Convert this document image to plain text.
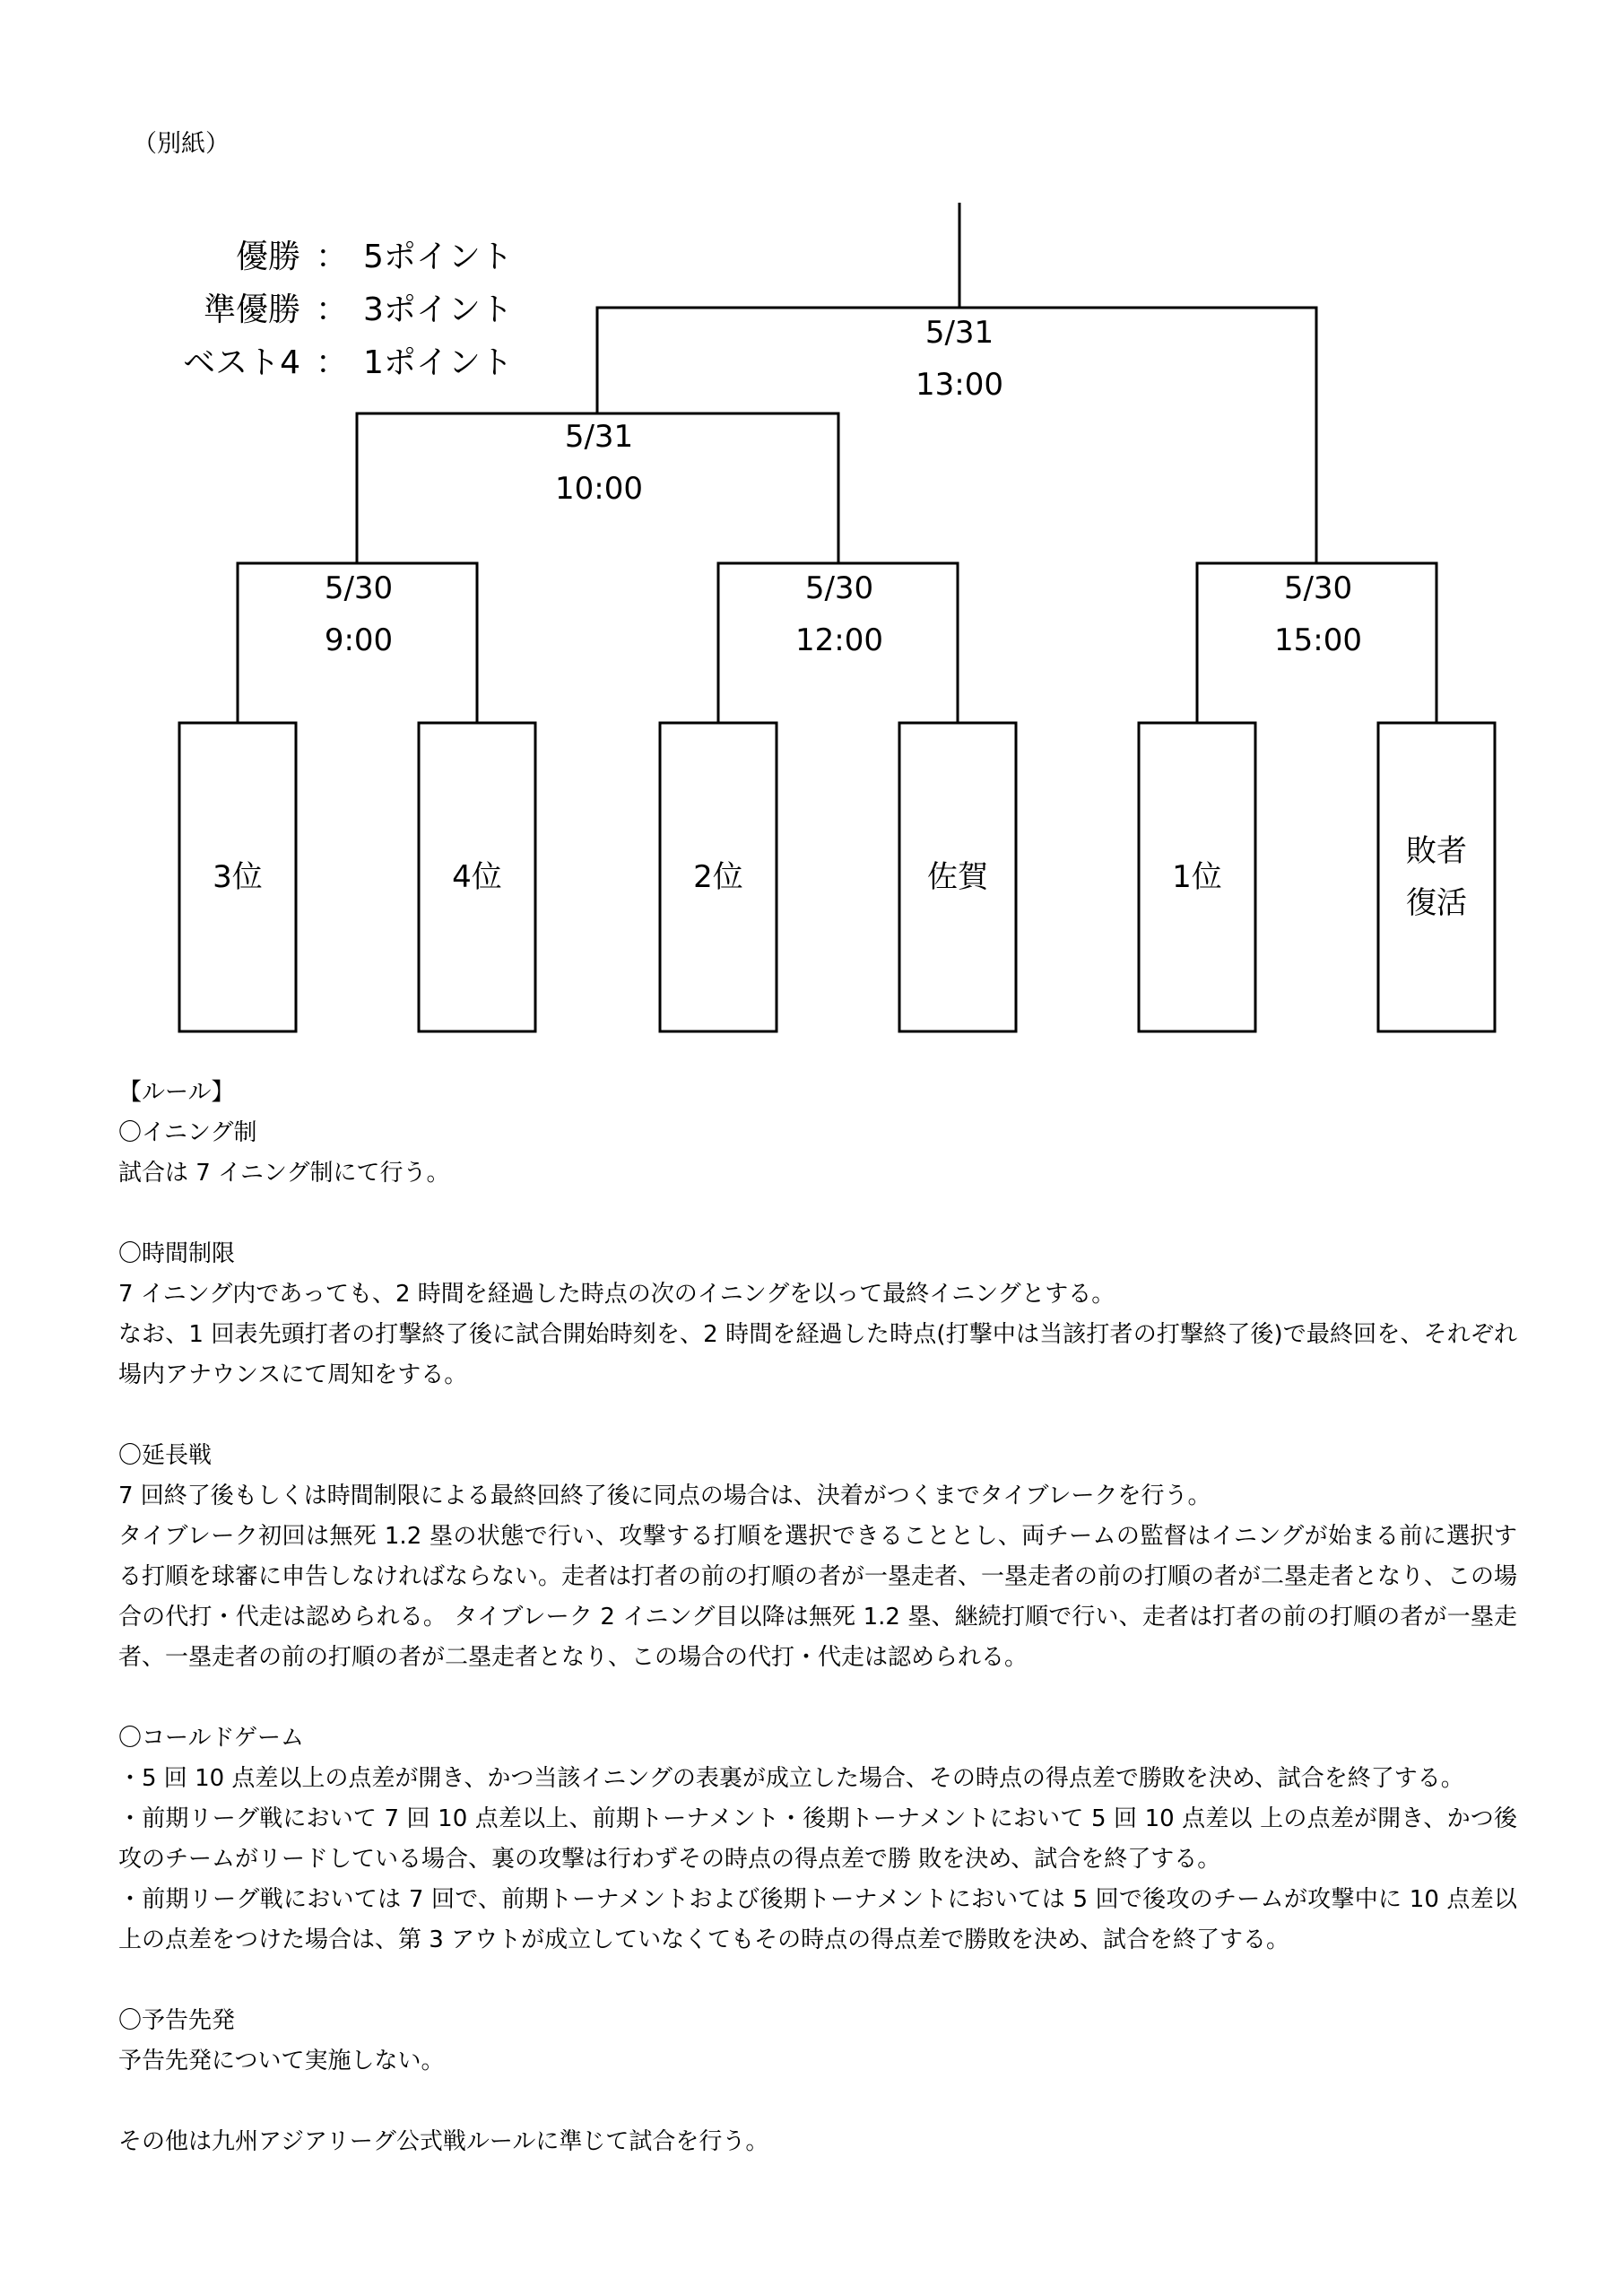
（別紙）
優勝 ： 5ポイント
準優勝 ： 3ポイント
ベスト4 ： 1ポイント
5/31
13:00
5/31
10:00
5/30
9:00
5/30
12:00
5/30
15:00
3位	4位	2位	佐賀	1位
敗者
復活

【ルール】

〇イニング制

試合は 7 イニング制にて行う。

〇時間制限

7 イニング内であっても、2 時間を経過した時点の次のイニングを以って最終イニングとする。

なお、1 回表先頭打者の打撃終了後に試合開始時刻を、2 時間を経過した時点(打撃中は当該打者の打撃終了後)で最終回を、それぞれ場内アナウンスにて周知をする。

〇延長戦

7 回終了後もしくは時間制限による最終回終了後に同点の場合は、決着がつくまでタイブレークを行う。

タイブレーク初回は無死 1.2 塁の状態で行い、攻撃する打順を選択できることとし、両チームの監督はイニングが始まる前に選択する打順を球審に申告しなければならない。走者は打者の前の打順の者が一塁走者、一塁走者の前の打順の者が二塁走者となり、この場合の代打・代走は認められる。 タイブレーク 2 イニング目以降は無死 1.2 塁、継続打順で行い、走者は打者の前の打順の者が一塁走者、一塁走者の前の打順の者が二塁走者となり、この場合の代打・代走は認められる。

〇コールドゲーム

・5 回 10 点差以上の点差が開き、かつ当該イニングの表裏が成立した場合、その時点の得点差で勝敗を決め、試合を終了する。

・前期リーグ戦において 7 回 10 点差以上、前期トーナメント・後期トーナメントにおいて 5 回 10 点差以 上の点差が開き、かつ後攻のチームがリードしている場合、裏の攻撃は行わずその時点の得点差で勝 敗を決め、試合を終了する。

・前期リーグ戦においては 7 回で、前期トーナメントおよび後期トーナメントにおいては 5 回で後攻のチームが攻撃中に 10 点差以上の点差をつけた場合は、第 3 アウトが成立していなくてもその時点の得点差で勝敗を決め、試合を終了する。

〇予告先発

予告先発について実施しない。

その他は九州アジアリーグ公式戦ルールに準じて試合を行う。
